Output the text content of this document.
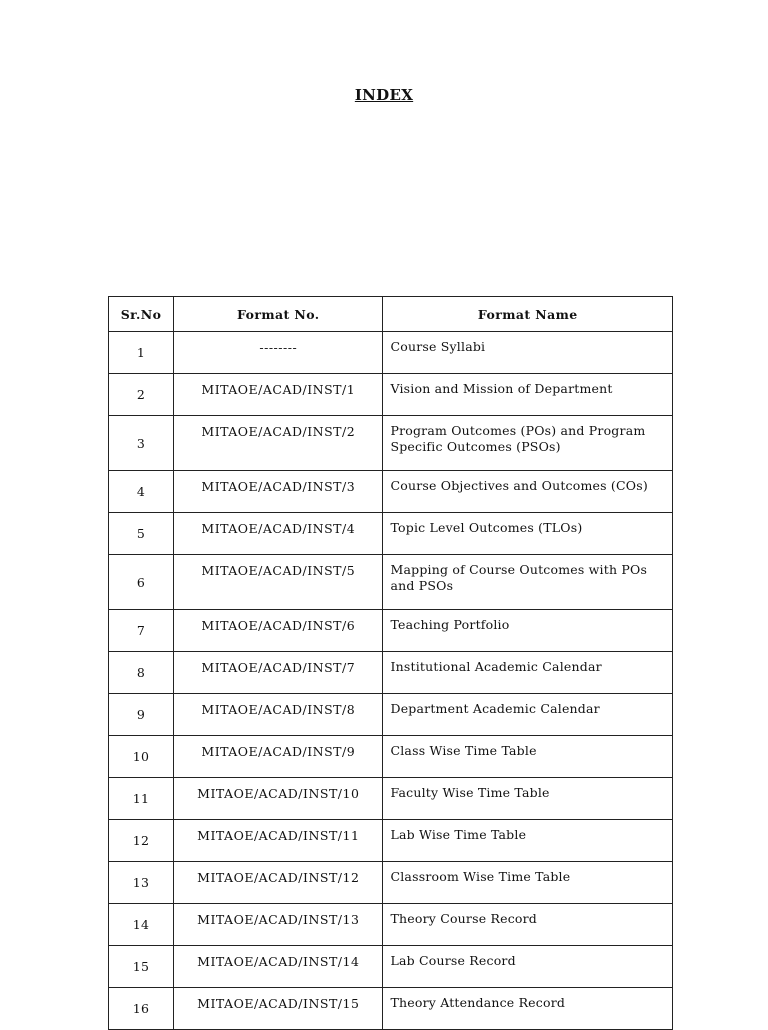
INDEX
Sr.No	Format No.	Format Name
1	--------	Course Syllabi
2	MITAOE/ACAD/INST/1	Vision and Mission of Department
3	MITAOE/ACAD/INST/2	Program Outcomes (POs) and Program Specific Outcomes (PSOs)
4	MITAOE/ACAD/INST/3	Course Objectives and Outcomes (COs)
5	MITAOE/ACAD/INST/4	Topic Level Outcomes (TLOs)
6	MITAOE/ACAD/INST/5	Mapping of Course Outcomes with POs and PSOs
7	MITAOE/ACAD/INST/6	Teaching Portfolio
8	MITAOE/ACAD/INST/7	Institutional Academic Calendar
9	MITAOE/ACAD/INST/8	Department Academic Calendar
10	MITAOE/ACAD/INST/9	Class Wise Time Table
11	MITAOE/ACAD/INST/10	Faculty Wise Time Table
12	MITAOE/ACAD/INST/11	Lab Wise Time Table
13	MITAOE/ACAD/INST/12	Classroom Wise Time Table
14	MITAOE/ACAD/INST/13	Theory Course Record
15	MITAOE/ACAD/INST/14	Lab Course Record
16	MITAOE/ACAD/INST/15	Theory Attendance Record
